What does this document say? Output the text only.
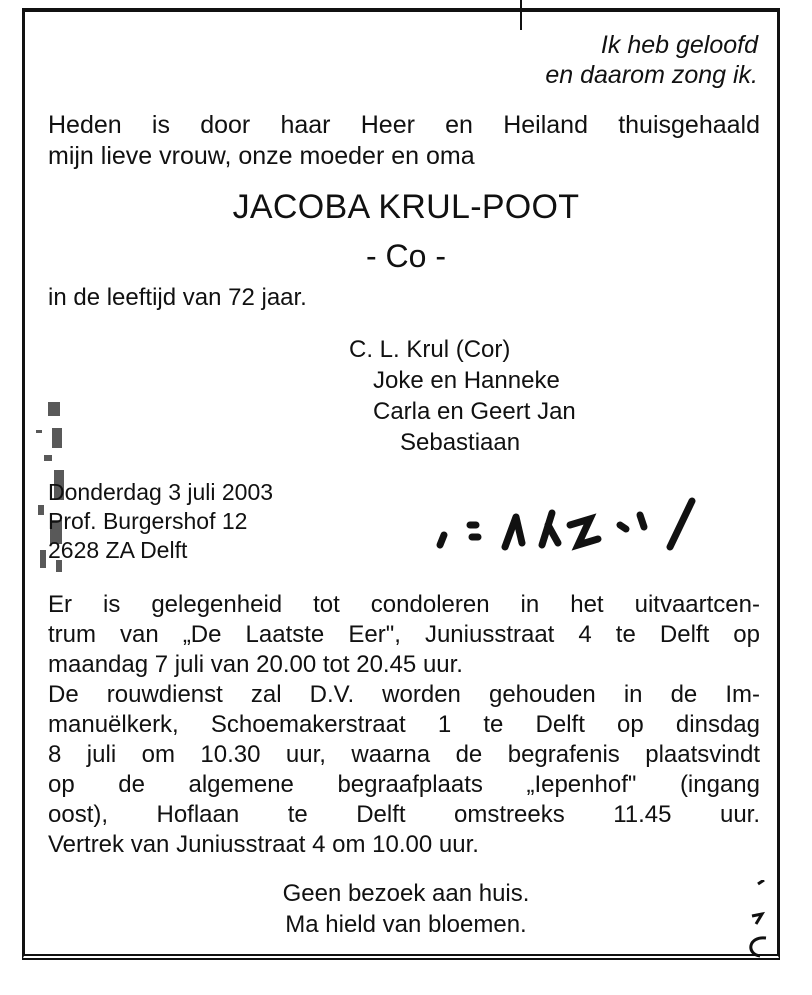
Ik heb geloofd
en daarom zong ik.
Heden is door haar Heer en Heiland thuisgehaald
mijn lieve vrouw, onze moeder en oma
JACOBA KRUL-POOT
- Co -
in de leeftijd van 72 jaar.
C. L. Krul (Cor)
Joke en Hanneke
Carla en Geert Jan
Sebastiaan
Donderdag 3 juli 2003
Prof. Burgershof 12
2628 ZA Delft
Er is gelegenheid tot condoleren in het uitvaartcen-
trum van „De Laatste Eer", Juniusstraat 4 te Delft op
maandag 7 juli van 20.00 tot 20.45 uur.
De rouwdienst zal D.V. worden gehouden in de Im-
manuëlkerk, Schoemakerstraat 1 te Delft op dinsdag
8 juli om 10.30 uur, waarna de begrafenis plaatsvindt
op de algemene begraafplaats „Iepenhof" (ingang
oost), Hoflaan te Delft omstreeks 11.45 uur.
Vertrek van Juniusstraat 4 om 10.00 uur.
Geen bezoek aan huis.
Ma hield van bloemen.
